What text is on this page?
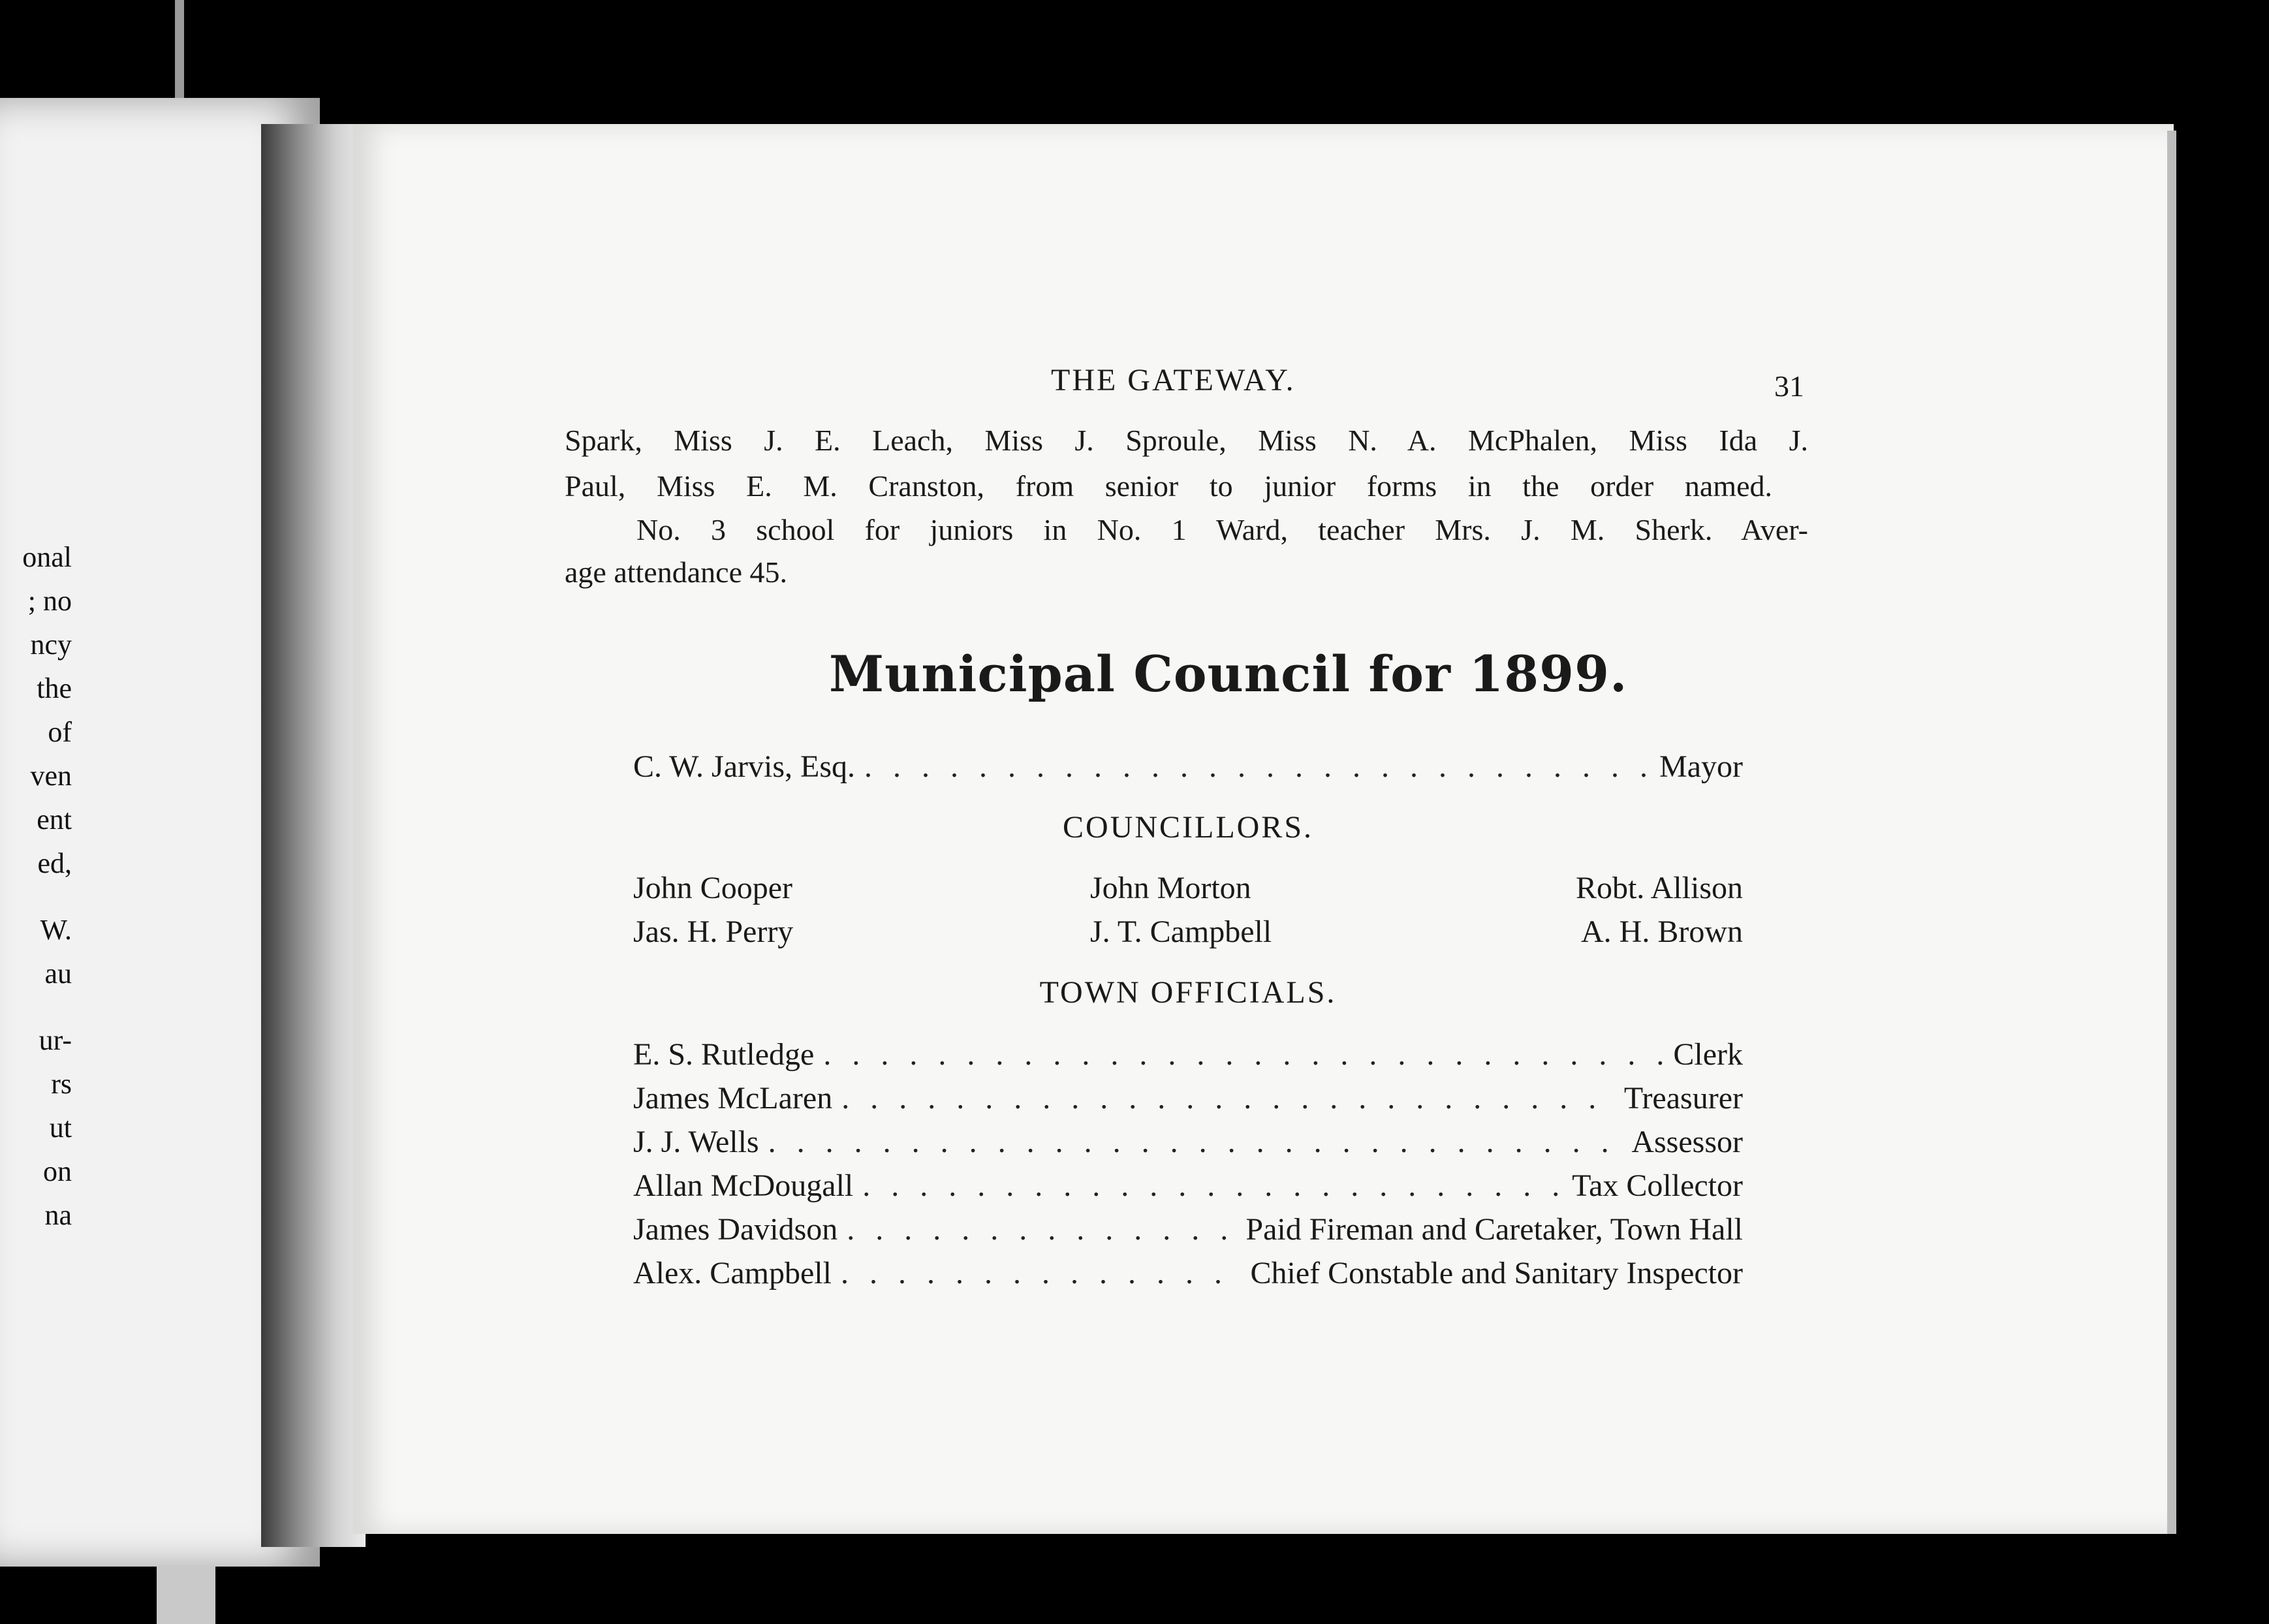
onal
; no
ncy
the
of
ven
ent
ed,
W.
au
ur-
rs
ut
on
na
THE GATEWAY.	31
Spark, Miss J. E. Leach, Miss J. Sproule, Miss N. A. McPhalen, Miss Ida J.
Paul, Miss E. M. Cranston, from senior to junior forms in the order named.
No. 3 school for juniors in No. 1 Ward, teacher Mrs. J. M. Sherk. Aver-
age attendance 45.
Municipal Council for 1899.
C. W. Jarvis, Esq. . . .	Mayor
COUNCILLORS.
John Cooper	John Morton	Robt. Allison
Jas. H. Perry	J. T. Campbell	A. H. Brown
TOWN OFFICIALS.
E. S. Rutledge . . .	Clerk
James McLaren . . .	Treasurer
J. J. Wells . . .	Assessor
Allan McDougall . . .	Tax Collector
James Davidson . . .	Paid Fireman and Caretaker, Town Hall
Alex. Campbell . . .	Chief Constable and Sanitary Inspector
